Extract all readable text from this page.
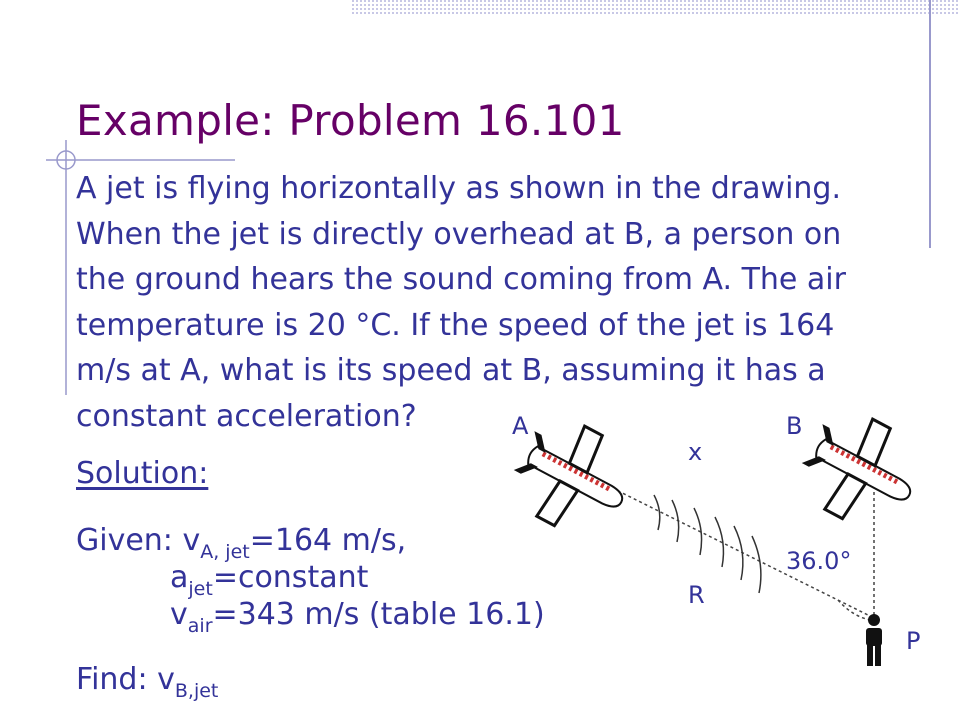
Example: Problem 16.101
A jet is flying horizontally as shown in the drawing.
When the jet is directly overhead at B, a person on
the ground hears the sound coming from A. The air
temperature is 20 °C. If the speed of the jet is 164
m/s at A, what is its speed at B, assuming it has a
constant acceleration?
Solution:
Given: $v_{A, jet}=164$ m/s,
$a_{jet}=constant$
$v_{air}=343$ m/s (table 16.1)
Find: $v_{B,jet}$
A	B
x
36.0°
R
P
